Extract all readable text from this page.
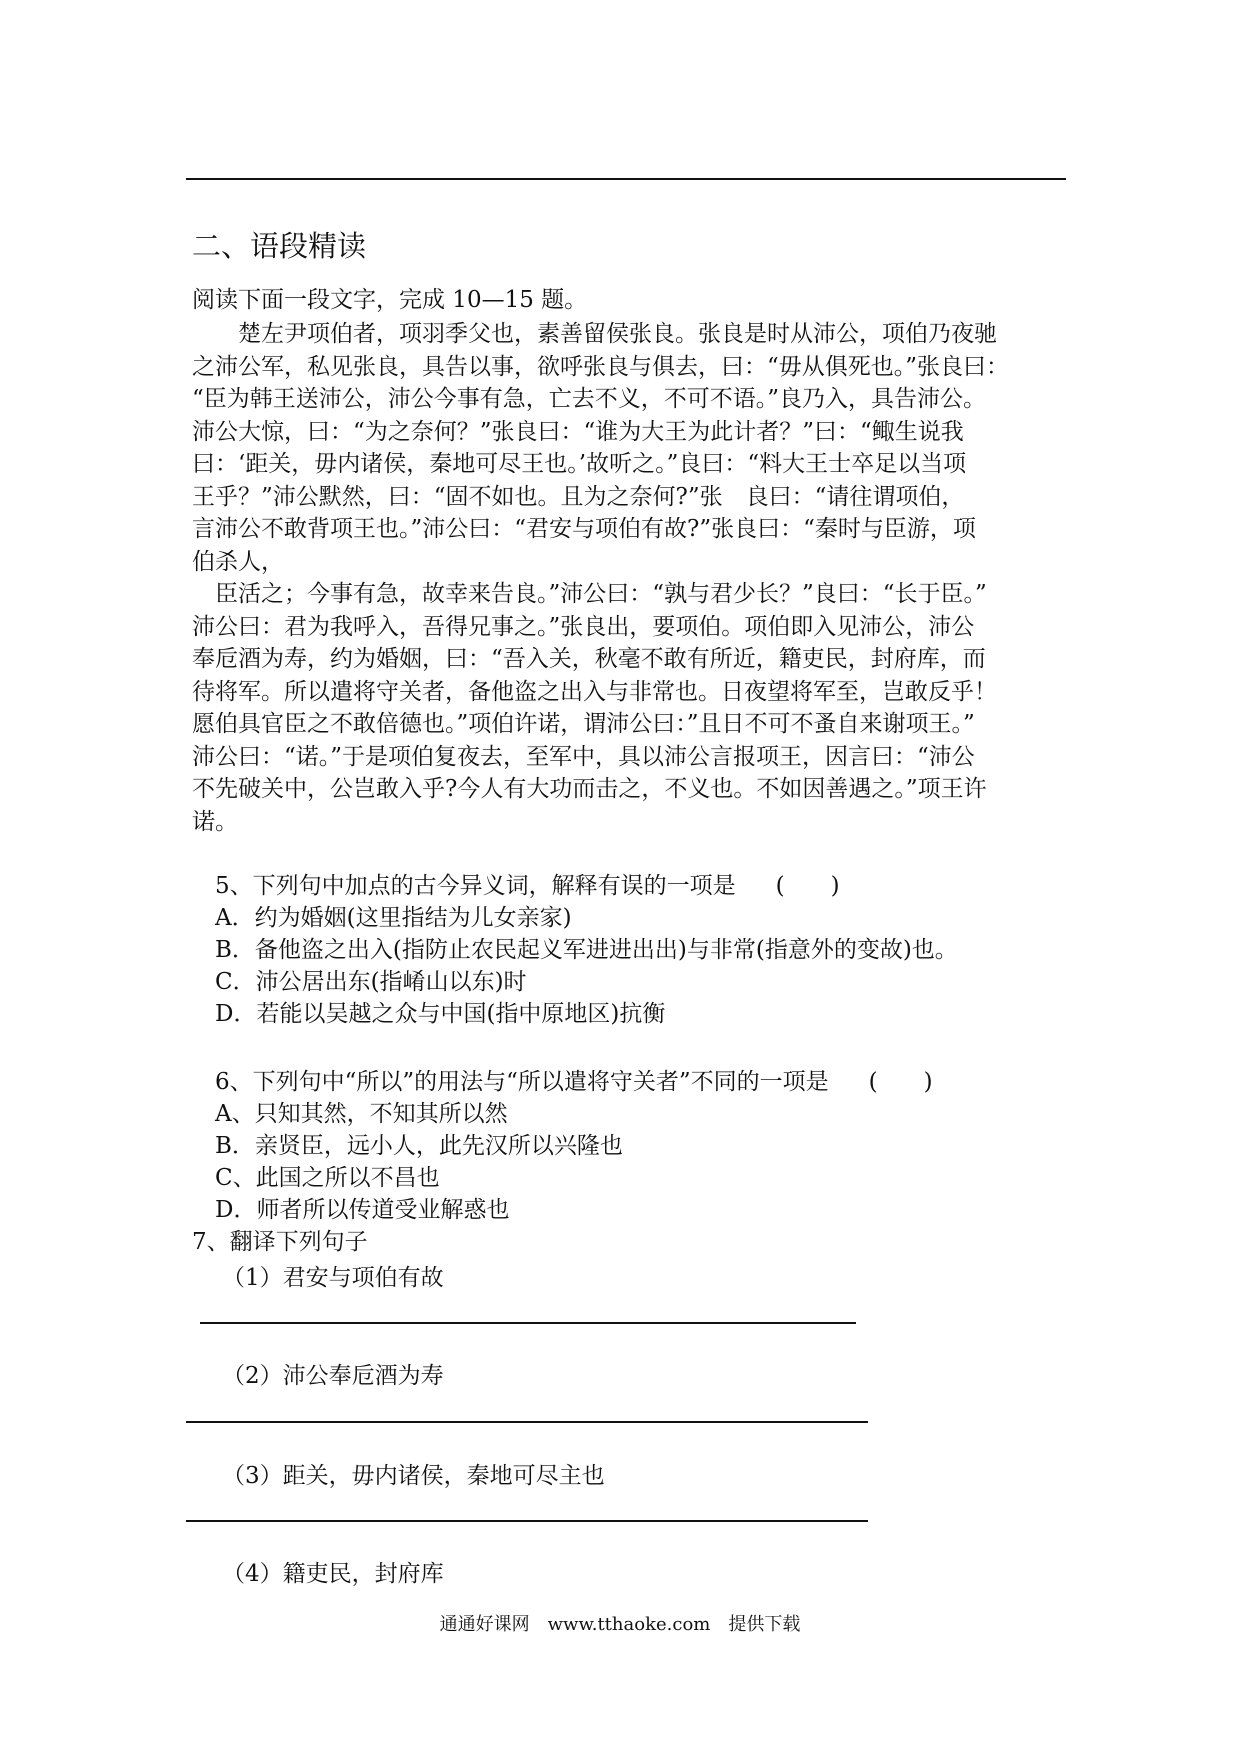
二、语段精读
阅读下面一段文字，完成 10—15 题。
　　楚左尹项伯者，项羽季父也，素善留侯张良。张良是时从沛公，项伯乃夜驰
之沛公军，私见张良，具告以事，欲呼张良与俱去，曰：“毋从俱死也。”张良曰：
“臣为韩王送沛公，沛公今事有急，亡去不义，不可不语。”良乃入，具告沛公。
沛公大惊，曰：“为之奈何？”张良曰：“谁为大王为此计者？”曰：“鲰生说我
曰：‘距关，毋内诸侯，秦地可尽王也。’故听之。”良曰：“料大王士卒足以当项
王乎？”沛公默然，曰：“固不如也。且为之奈何?”张　良曰：“请往谓项伯，
言沛公不敢背项王也。”沛公曰：“君安与项伯有故?”张良曰：“秦时与臣游，项
伯杀人，
　臣活之；今事有急，故幸来告良。”沛公曰：“孰与君少长？”良曰：“长于臣。”
沛公曰：君为我呼入，吾得兄事之。”张良出，要项伯。项伯即入见沛公，沛公
奉卮酒为寿，约为婚姻，曰：“吾入关，秋毫不敢有所近，籍吏民，封府库，而
待将军。所以遣将守关者，备他盗之出入与非常也。日夜望将军至，岂敢反乎！
愿伯具官臣之不敢倍德也。”项伯许诺，谓沛公曰：”且日不可不蚤自来谢项王。”
沛公曰：“诺。”于是项伯复夜去，至军中，具以沛公言报项王，因言曰：“沛公
不先破关中，公岂敢入乎?今人有大功而击之，不义也。不如因善遇之。”项王许
诺。
　5、下列句中加点的古今异义词，解释有误的一项是 (　　)
　A．约为婚姻(这里指结为儿女亲家)
　B．备他盗之出入(指防止农民起义军进进出出)与非常(指意外的变故)也。
　C．沛公居出东(指崤山以东)时
　D．若能以吴越之众与中国(指中原地区)抗衡
　6、下列句中“所以”的用法与“所以遣将守关者”不同的一项是 (　　)
　A、只知其然，不知其所以然
　B．亲贤臣，远小人，此先汉所以兴隆也
　C、此国之所以不昌也
　D．师者所以传道受业解惑也
7、翻译下列句子
（1）君安与项伯有故
（2）沛公奉卮酒为寿
（3）距关，毋内诸侯，秦地可尽主也
（4）籍吏民，封府库
通通好课网　www.tthaoke.com　提供下载
